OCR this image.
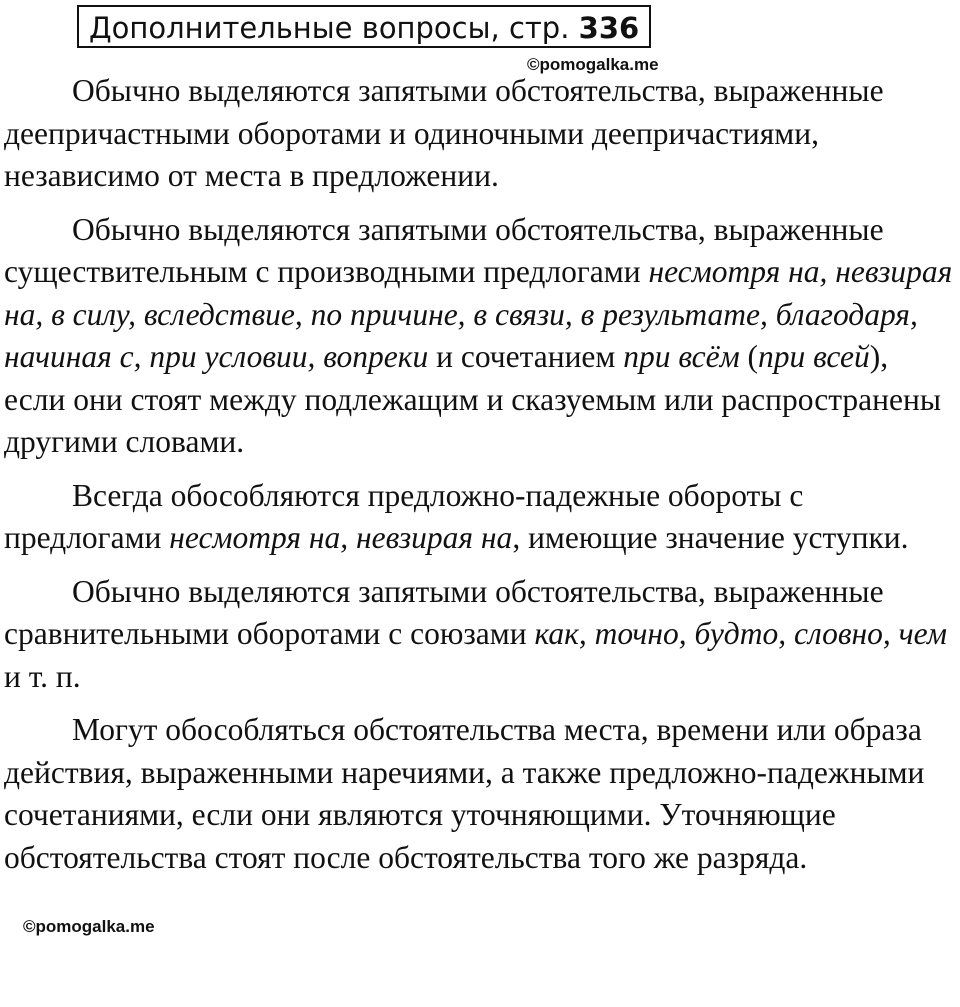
Дополнительные вопросы, стр. 336
©pomogalka.me

Обычно выделяются запятыми обстоятельства, выраженные деепричастными оборотами и одиночными деепричастиями, независимо от места в предложении.

Обычно выделяются запятыми обстоятельства, выраженные существительным с производными предлогами несмотря на, невзирая на, в силу, вследствие, по причине, в связи, в результате, благодаря, начиная с, при условии, вопреки и сочетанием при всём (при всей), если они стоят между подлежащим и сказуемым или распространены другими словами.

Всегда обособляются предложно-падежные обороты с предлогами несмотря на, невзирая на, имеющие значение уступки.

Обычно выделяются запятыми обстоятельства, выраженные сравнительными оборотами с союзами как, точно, будто, словно, чем и т. п.

Могут обособляться обстоятельства места, времени или образа действия, выраженными наречиями, а также предложно-падежными сочетаниями, если они являются уточняющими. Уточняющие обстоятельства стоят после обстоятельства того же разряда.

©pomogalka.me
